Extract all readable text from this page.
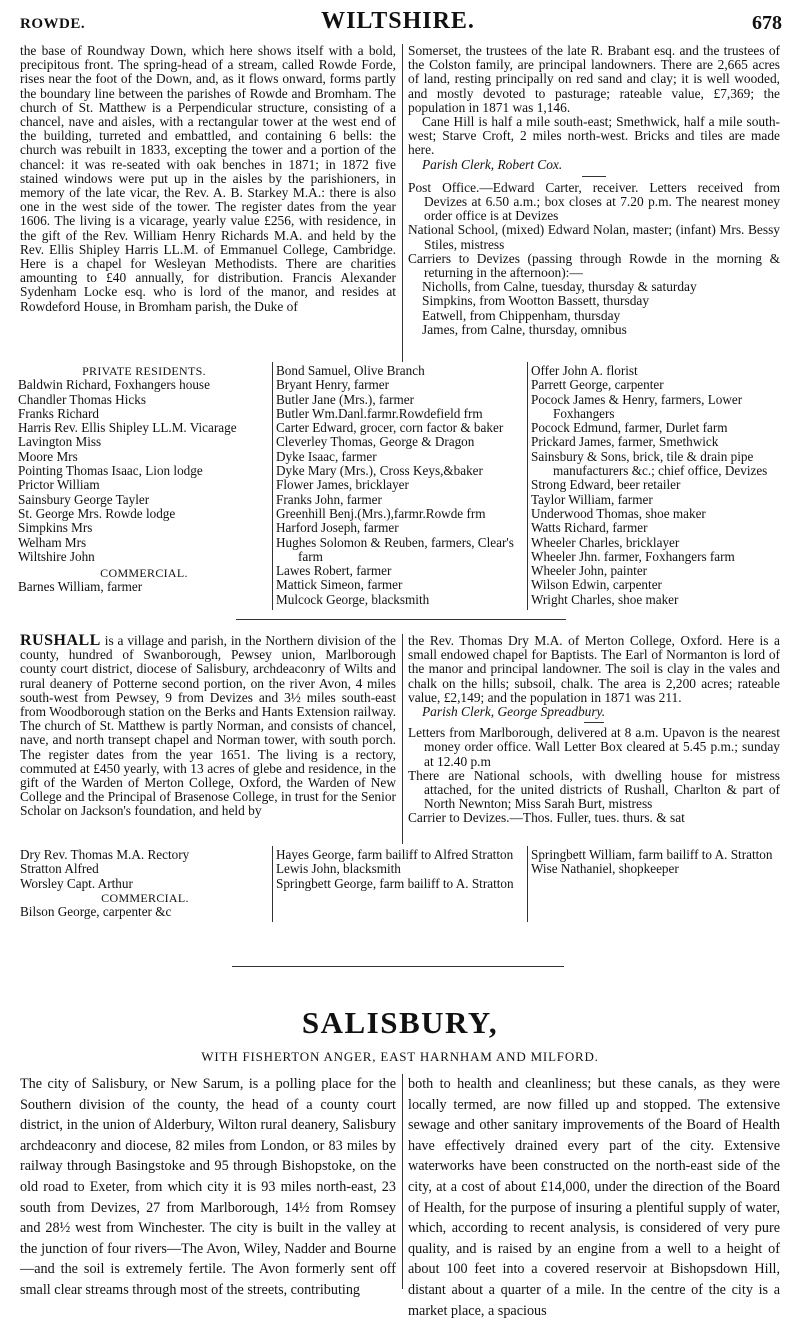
ROWDE.	WILTSHIRE.	678

the base of Roundway Down, which here shows itself with a bold, precipitous front. The spring-head of a stream, called Rowde Forde, rises near the foot of the Down, and, as it flows onward, forms partly the boundary line between the parishes of Rowde and Bromham. The church of St. Matthew is a Perpendicular structure, consisting of a chancel, nave and aisles, with a rectangular tower at the west end of the building, turreted and embattled, and containing 6 bells: the church was rebuilt in 1833, excepting the tower and a portion of the chancel: it was re-seated with oak benches in 1871; in 1872 five stained windows were put up in the aisles by the parishioners, in memory of the late vicar, the Rev. A. B. Starkey M.A.: there is also one in the west side of the tower. The register dates from the year 1606. The living is a vicarage, yearly value £256, with residence, in the gift of the Rev. William Henry Richards M.A. and held by the Rev. Ellis Shipley Harris LL.M. of Emmanuel College, Cambridge. Here is a chapel for Wesleyan Methodists. There are charities amounting to £40 annually, for distribution. Francis Alexander Sydenham Locke esq. who is lord of the manor, and resides at Rowdeford House, in Bromham parish, the Duke of

Somerset, the trustees of the late R. Brabant esq. and the trustees of the Colston family, are principal landowners. There are 2,665 acres of land, resting principally on red sand and clay; it is well wooded, and mostly devoted to pasturage; rateable value, £7,369; the population in 1871 was 1,146.

Cane Hill is half a mile south-east; Smethwick, half a mile south-west; Starve Croft, 2 miles north-west. Bricks and tiles are made here.

Parish Clerk, Robert Cox.

Post Office.—Edward Carter, receiver. Letters received from Devizes at 6.50 a.m.; box closes at 7.20 p.m. The nearest money order office is at Devizes

National School, (mixed) Edward Nolan, master; (infant) Mrs. Bessy Stiles, mistress

Carriers to Devizes (passing through Rowde in the morning & returning in the afternoon):—

Nicholls, from Calne, tuesday, thursday & saturday

Simpkins, from Wootton Bassett, thursday

Eatwell, from Chippenham, thursday

James, from Calne, thursday, omnibus

PRIVATE RESIDENTS.
Baldwin Richard, Foxhangers house
Chandler Thomas Hicks
Franks Richard
Harris Rev. Ellis Shipley LL.M. Vicarage
Lavington Miss
Moore Mrs
Pointing Thomas Isaac, Lion lodge
Prictor William
Sainsbury George Tayler
St. George Mrs. Rowde lodge
Simpkins Mrs
Welham Mrs
Wiltshire John
COMMERCIAL.
Barnes William, farmer
Bond Samuel, Olive Branch
Bryant Henry, farmer
Butler Jane (Mrs.), farmer
Butler Wm.Danl.farmr.Rowdefield frm
Carter Edward, grocer, corn factor & baker
Cleverley Thomas, George & Dragon
Dyke Isaac, farmer
Dyke Mary (Mrs.), Cross Keys,&baker
Flower James, bricklayer
Franks John, farmer
Greenhill Benj.(Mrs.),farmr.Rowde frm
Harford Joseph, farmer
Hughes Solomon & Reuben, farmers, Clear's farm
Lawes Robert, farmer
Mattick Simeon, farmer
Mulcock George, blacksmith
Offer John A. florist
Parrett George, carpenter
Pocock James & Henry, farmers, Lower Foxhangers
Pocock Edmund, farmer, Durlet farm
Prickard James, farmer, Smethwick
Sainsbury & Sons, brick, tile & drain pipe manufacturers &c.; chief office, Devizes
Strong Edward, beer retailer
Taylor William, farmer
Underwood Thomas, shoe maker
Watts Richard, farmer
Wheeler Charles, bricklayer
Wheeler Jhn. farmer, Foxhangers farm
Wheeler John, painter
Wilson Edwin, carpenter
Wright Charles, shoe maker

RUSHALL is a village and parish, in the Northern division of the county, hundred of Swanborough, Pewsey union, Marlborough county court district, diocese of Salisbury, archdeaconry of Wilts and rural deanery of Potterne second portion, on the river Avon, 4 miles south-west from Pewsey, 9 from Devizes and 3½ miles south-east from Woodborough station on the Berks and Hants Extension railway. The church of St. Matthew is partly Norman, and consists of chancel, nave, and north transept chapel and Norman tower, with south porch. The register dates from the year 1651. The living is a rectory, commuted at £450 yearly, with 13 acres of glebe and residence, in the gift of the Warden of Merton College, Oxford, the Warden of New College and the Principal of Brasenose College, in trust for the Senior Scholar on Jackson's foundation, and held by

the Rev. Thomas Dry M.A. of Merton College, Oxford. Here is a small endowed chapel for Baptists. The Earl of Normanton is lord of the manor and principal landowner. The soil is clay in the vales and chalk on the hills; subsoil, chalk. The area is 2,200 acres; rateable value, £2,149; and the population in 1871 was 211.

Parish Clerk, George Spreadbury.

Letters from Marlborough, delivered at 8 a.m. Upavon is the nearest money order office. Wall Letter Box cleared at 5.45 p.m.; sunday at 12.40 p.m

There are National schools, with dwelling house for mistress attached, for the united districts of Rushall, Charlton & part of North Newnton; Miss Sarah Burt, mistress

Carrier to Devizes.—Thos. Fuller, tues. thurs. & sat

Dry Rev. Thomas M.A. Rectory
Stratton Alfred
Worsley Capt. Arthur
COMMERCIAL.
Bilson George, carpenter &c
Hayes George, farm bailiff to Alfred Stratton
Lewis John, blacksmith
Springbett George, farm bailiff to A. Stratton
Springbett William, farm bailiff to A. Stratton
Wise Nathaniel, shopkeeper
SALISBURY,
WITH FISHERTON ANGER, EAST HARNHAM AND MILFORD.

The city of Salisbury, or New Sarum, is a polling place for the Southern division of the county, the head of a county court district, in the union of Alderbury, Wilton rural deanery, Salisbury archdeaconry and diocese, 82 miles from London, or 83 miles by railway through Basingstoke and 95 through Bishopstoke, on the old road to Exeter, from which city it is 93 miles north-east, 23 south from Devizes, 27 from Marlborough, 14½ from Romsey and 28½ west from Winchester. The city is built in the valley at the junction of four rivers—The Avon, Wiley, Nadder and Bourne—and the soil is extremely fertile. The Avon formerly sent off small clear streams through most of the streets, contributing

both to health and cleanliness; but these canals, as they were locally termed, are now filled up and stopped. The extensive sewage and other sanitary improvements of the Board of Health have effectively drained every part of the city. Extensive waterworks have been constructed on the north-east side of the city, at a cost of about £14,000, under the direction of the Board of Health, for the purpose of insuring a plentiful supply of water, which, according to recent analysis, is considered of very pure quality, and is raised by an engine from a well to a height of about 100 feet into a covered reservoir at Bishopsdown Hill, distant about a quarter of a mile. In the centre of the city is a market place, a spacious
